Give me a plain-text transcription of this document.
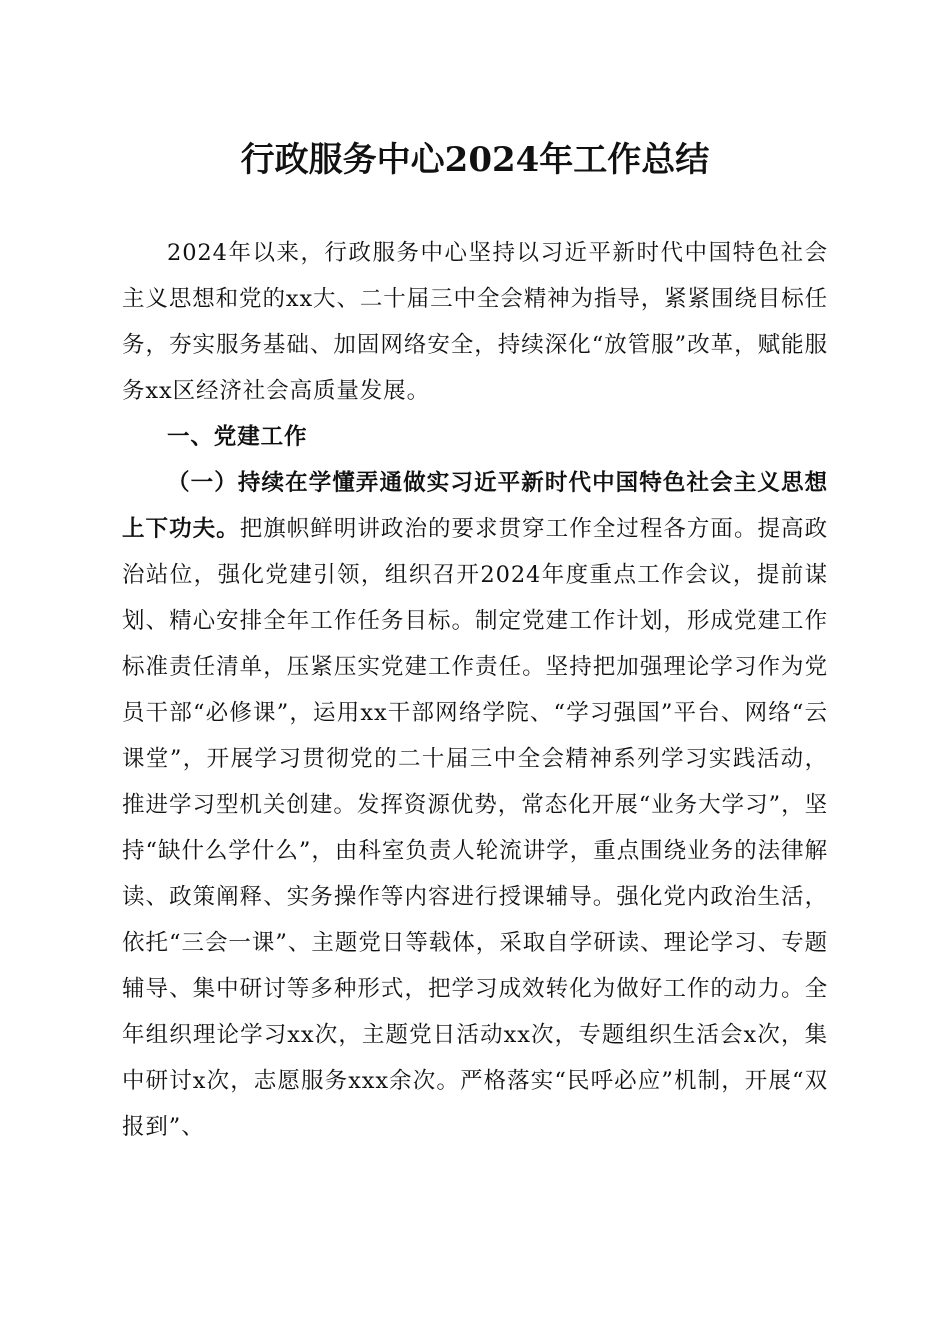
行政服务中心2024年工作总结

2024年以来，行政服务中心坚持以习近平新时代中国特色社会主义思想和党的xx大、二十届三中全会精神为指导，紧紧围绕目标任务，夯实服务基础、加固网络安全，持续深化“放管服”改革，赋能服务xx区经济社会高质量发展。

一、党建工作

（一）持续在学懂弄通做实习近平新时代中国特色社会主义思想上下功夫。把旗帜鲜明讲政治的要求贯穿工作全过程各方面。提高政治站位，强化党建引领，组织召开2024年度重点工作会议，提前谋划、精心安排全年工作任务目标。制定党建工作计划，形成党建工作标准责任清单，压紧压实党建工作责任。坚持把加强理论学习作为党员干部“必修课”，运用xx干部网络学院、“学习强国”平台、网络“云课堂”，开展学习贯彻党的二十届三中全会精神系列学习实践活动，推进学习型机关创建。发挥资源优势，常态化开展“业务大学习”，坚持“缺什么学什么”，由科室负责人轮流讲学，重点围绕业务的法律解读、政策阐释、实务操作等内容进行授课辅导。强化党内政治生活，依托“三会一课”、主题党日等载体，采取自学研读、理论学习、专题辅导、集中研讨等多种形式，把学习成效转化为做好工作的动力。全年组织理论学习xx次，主题党日活动xx次，专题组织生活会x次，集中研讨x次，志愿服务xxx余次。严格落实“民呼必应”机制，开展“双报到”、
